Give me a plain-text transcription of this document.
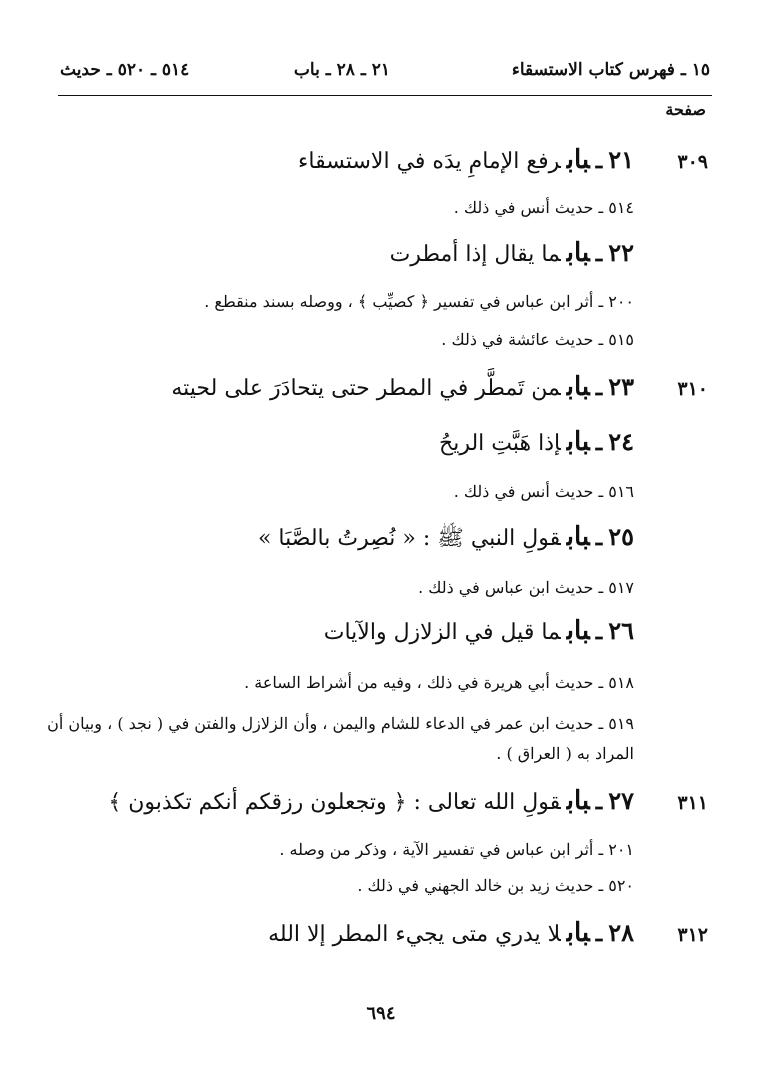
١٥ ـ فهرس كتاب الاستسقاء
٢١ ـ ٢٨ ـ باب
٥١٤ ـ ٥٢٠ ـ حديث
صفحة
٣٠٩
٢١ـبابرفع الإمامِ يدَه في الاستسقاء
٥١٤ ـ حديث أنس في ذلك .
٢٢ـبابما يقال إذا أمطرت
٢٠٠ ـ أثر ابن عباس في تفسير ﴿ كصيِّب ﴾ ، ووصله بسند منقطع .
٥١٥ ـ حديث عائشة في ذلك .
٣١٠
٢٣ـبابمن تَمطَّر في المطر حتى يتحادَرَ على لحيته
٢٤ـبابإذا هَبَّتِ الريحُ
٥١٦ ـ حديث أنس في ذلك .
٢٥ـبابقولِ النبي ﷺ : « نُصِرتُ بالصَّبَا »
٥١٧ ـ حديث ابن عباس في ذلك .
٢٦ـبابما قيل في الزلازل والآيات
٥١٨ ـ حديث أبي هريرة في ذلك ، وفيه من أشراط الساعة .
٥١٩ ـ حديث ابن عمر في الدعاء للشام واليمن ، وأن الزلازل والفتن في ( نجد ) ، وبيان أن المراد به ( العراق ) .
٣١١
٢٧ـبابقولِ الله تعالى : ﴿ وتجعلون رزقكم أنكم تكذبون ﴾
٢٠١ ـ أثر ابن عباس في تفسير الآية ، وذكر من وصله .
٥٢٠ ـ حديث زيد بن خالد الجهني في ذلك .
٣١٢
٢٨ـبابلا يدري متى يجيء المطر إلا الله
٦٩٤
